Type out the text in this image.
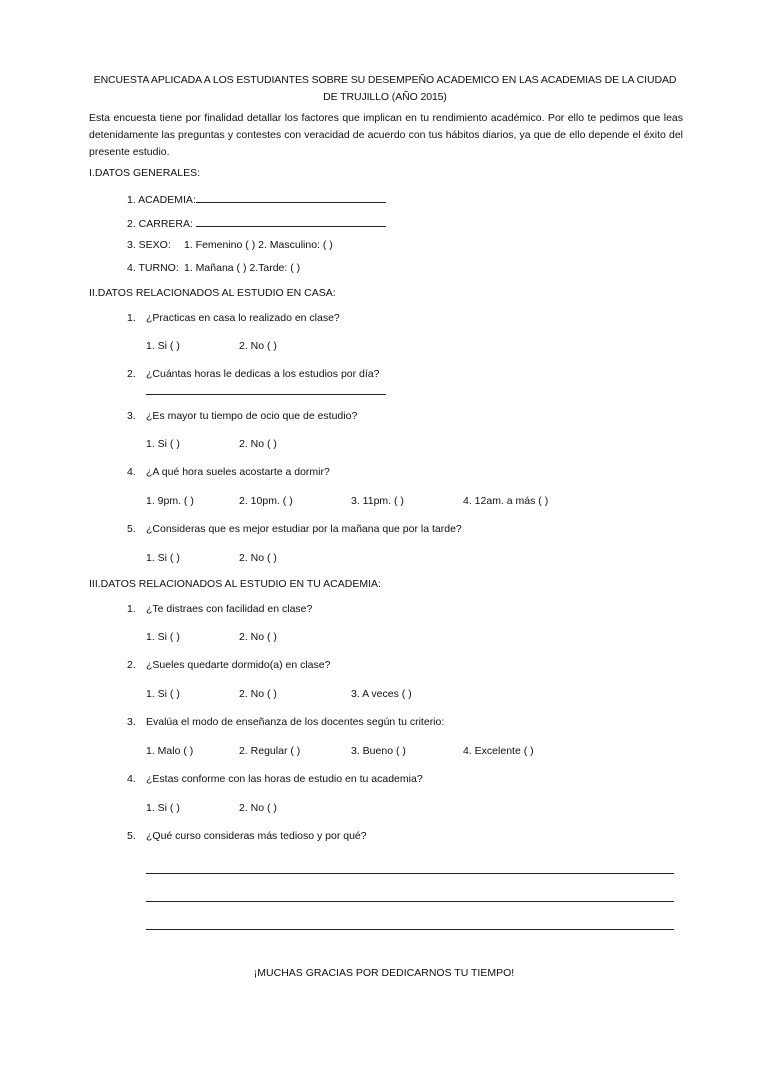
ENCUESTA APLICADA A LOS ESTUDIANTES SOBRE SU DESEMPEÑO ACADEMICO EN LAS ACADEMIAS DE LA CIUDAD DE TRUJILLO (AÑO 2015)
Esta encuesta tiene por finalidad detallar los factores que implican en tu rendimiento académico. Por ello te pedimos que leas detenidamente las preguntas y contestes con veracidad de acuerdo con tus hábitos diarios, ya que de ello depende el éxito del presente estudio.
I.DATOS GENERALES:
1. ACADEMIA:
2. CARRERA:
3. SEXO: 1. Femenino ( ) 2. Masculino: ( )
4. TURNO: 1. Mañana ( ) 2.Tarde: ( )
II.DATOS RELACIONADOS AL ESTUDIO EN CASA:
1. ¿Practicas en casa lo realizado en clase?
1. Si ( )	2. No ( )
2. ¿Cuántas horas le dedicas a los estudios por día?
3. ¿Es mayor tu tiempo de ocio que de estudio?
1. Si ( )	2. No ( )
4. ¿A qué hora sueles acostarte a dormir?
1. 9pm. ( )	2. 10pm. ( )	3. 11pm. ( )	4. 12am. a más ( )
5. ¿Consideras que es mejor estudiar por la mañana que por la tarde?
1. Si ( )	2. No ( )
III.DATOS RELACIONADOS AL ESTUDIO EN TU ACADEMIA:
1. ¿Te distraes con facilidad en clase?
1. Si ( )	2. No ( )
2. ¿Sueles quedarte dormido(a) en clase?
1. Si ( )	2. No ( )	3. A veces ( )
3. Evalúa el modo de enseñanza de los docentes según tu criterio:
1. Malo ( )	2. Regular ( )	3. Bueno ( )	4. Excelente ( )
4. ¿Estas conforme con las horas de estudio en tu academia?
1. Si ( )	2. No ( )
5. ¿Qué curso consideras más tedioso y por qué?
¡MUCHAS GRACIAS POR DEDICARNOS TU TIEMPO!
